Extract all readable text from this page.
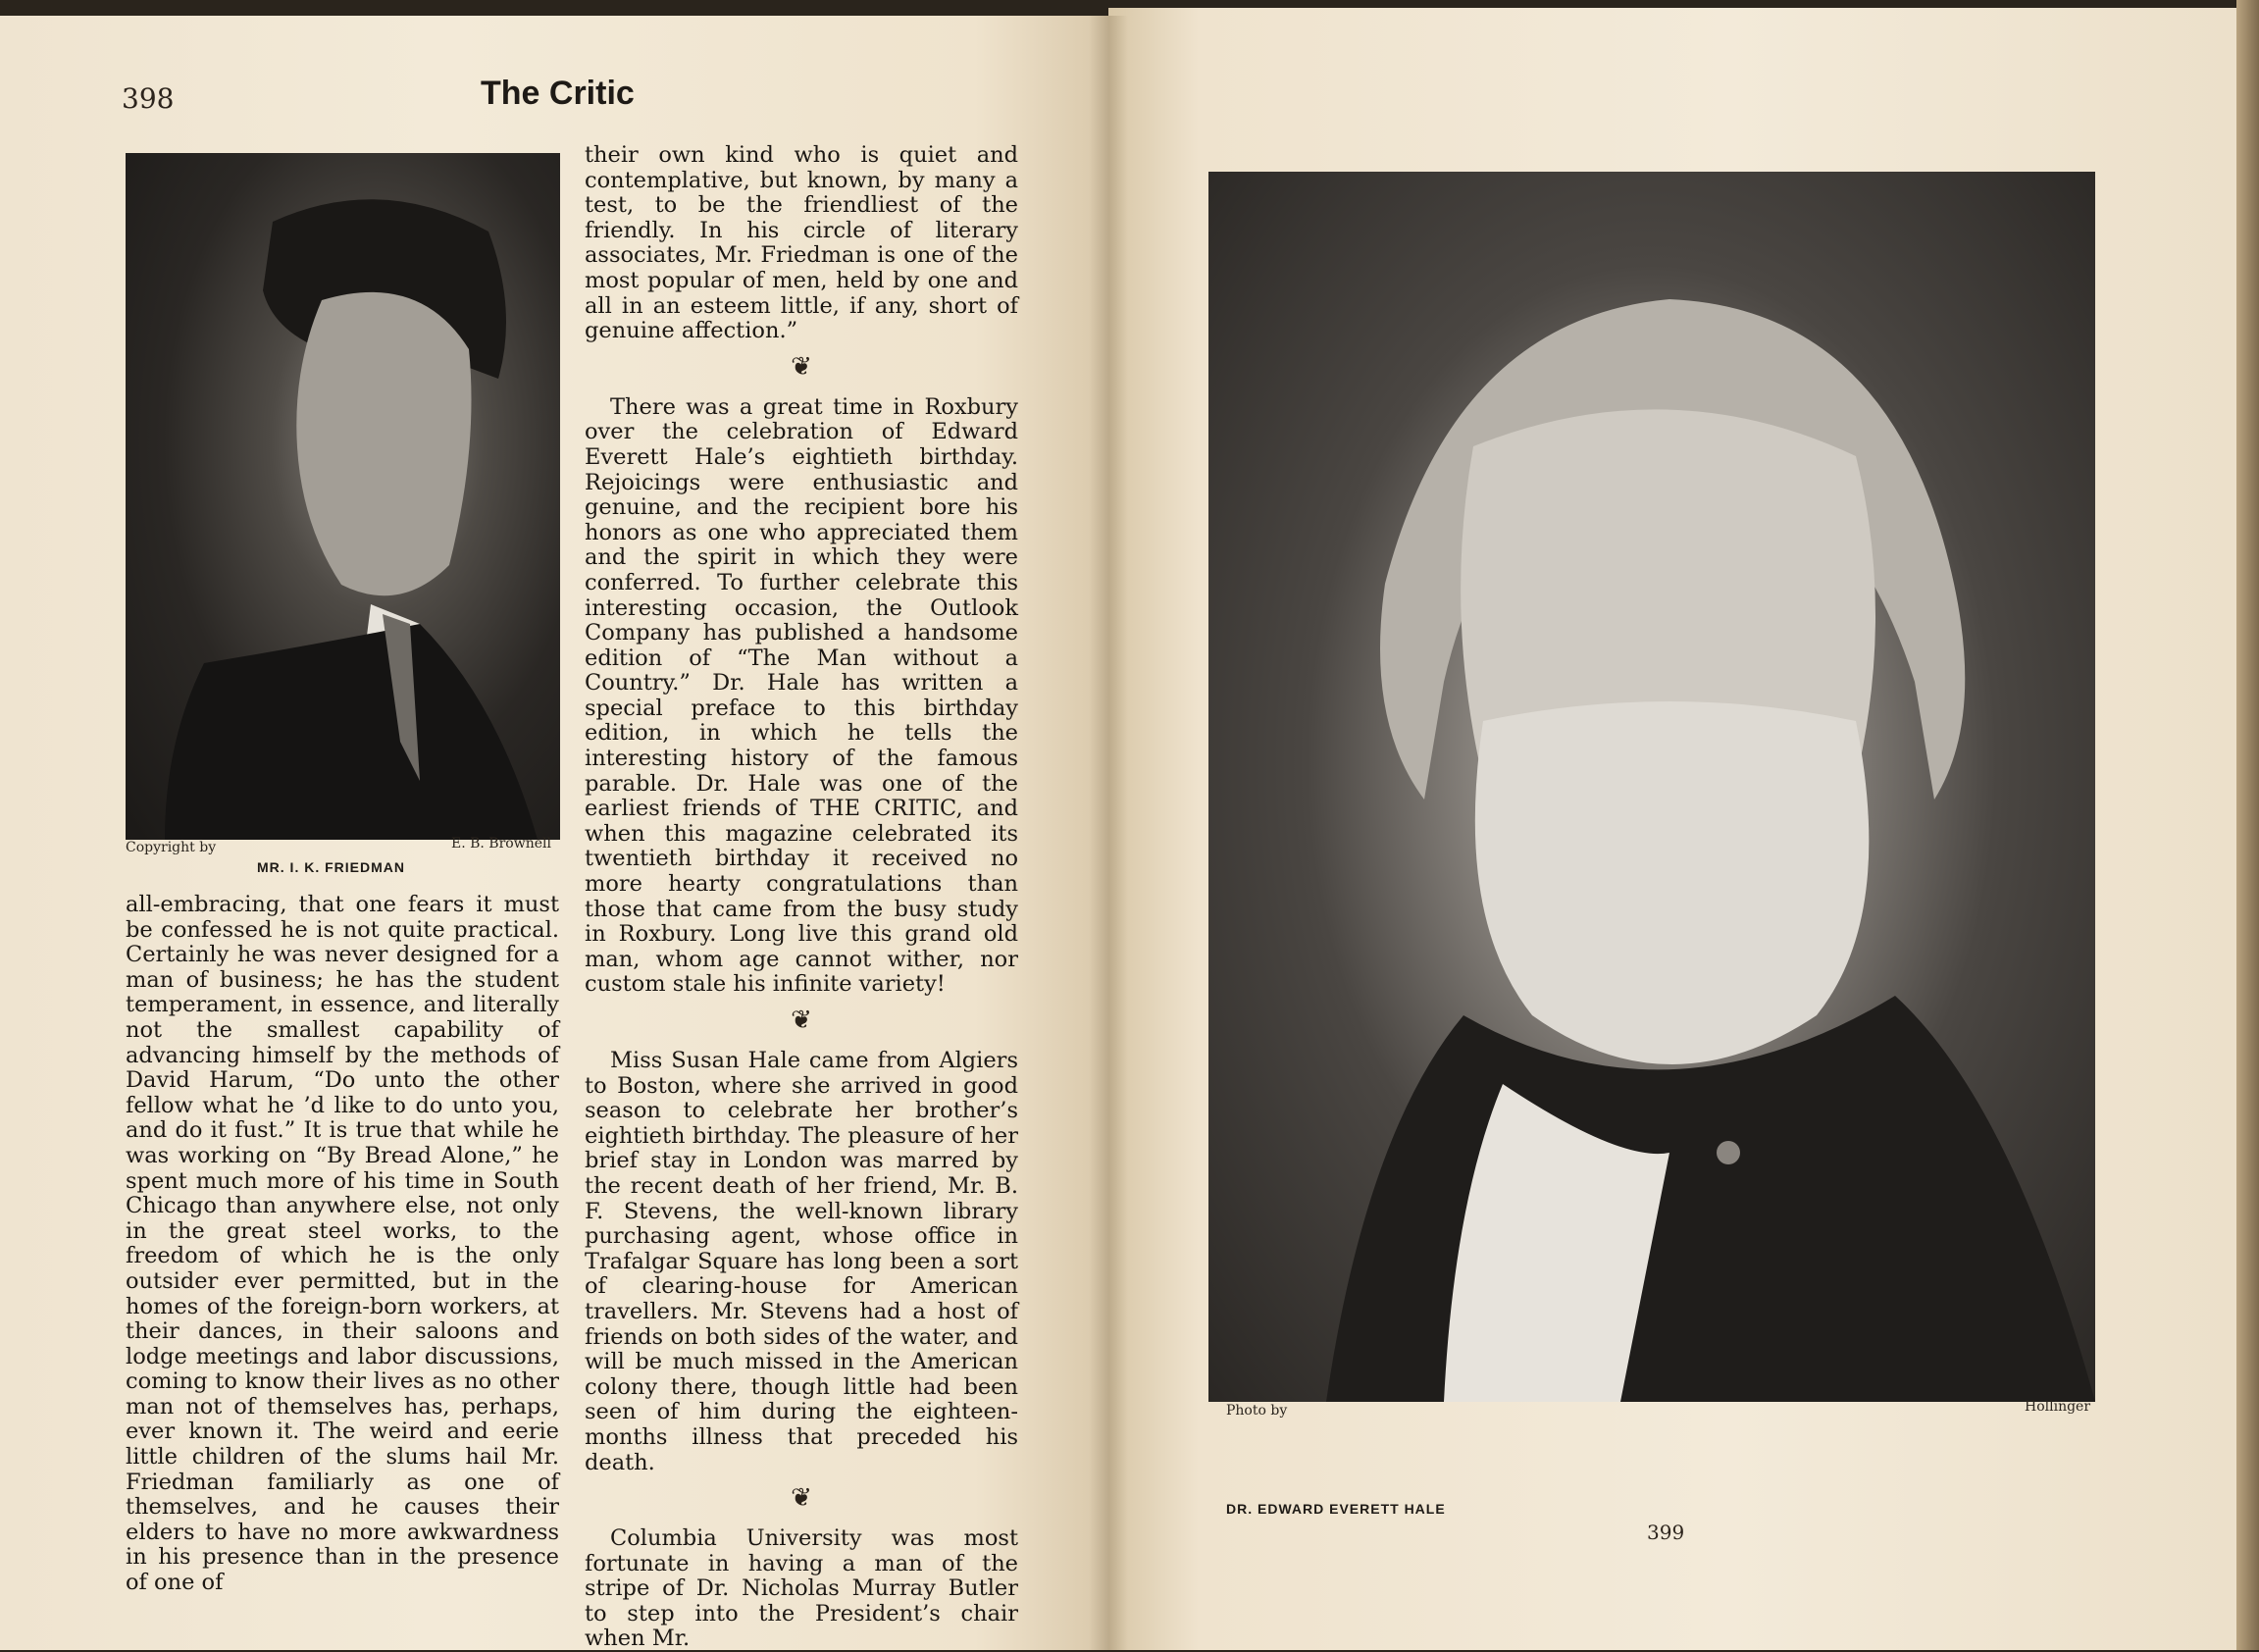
398	The Critic
Copyright by	E. B. Brownell
MR. I. K. FRIEDMAN

all-embracing, that one fears it must be confessed he is not quite practical. Certainly he was never designed for a man of business; he has the student temperament, in essence, and literally not the smallest capability of advancing himself by the methods of David Harum, “Do unto the other fellow what he ’d like to do unto you, and do it fust.” It is true that while he was working on “By Bread Alone,” he spent much more of his time in South Chicago than anywhere else, not only in the great steel works, to the freedom of which he is the only outsider ever permitted, but in the homes of the foreign-born workers, at their dances, in their saloons and lodge meetings and labor discussions, coming to know their lives as no other man not of themselves has, perhaps, ever known it. The weird and eerie little children of the slums hail Mr. Friedman familiarly as one of themselves, and he causes their elders to have no more awkwardness in his presence than in the presence of one of

their own kind who is quiet and contemplative, but known, by many a test, to be the friendliest of the friendly. In his circle of literary associates, Mr. Friedman is one of the most popular of men, held by one and all in an esteem little, if any, short of genuine affection.”

❦

There was a great time in Roxbury over the celebration of Edward Everett Hale’s eightieth birthday. Rejoicings were enthusiastic and genuine, and the recipient bore his honors as one who appreciated them and the spirit in which they were conferred. To further celebrate this interesting occasion, the Outlook Company has published a handsome edition of “The Man without a Country.” Dr. Hale has written a special preface to this birthday edition, in which he tells the interesting history of the famous parable. Dr. Hale was one of the earliest friends of THE CRITIC, and when this magazine celebrated its twentieth birthday it received no more hearty congratulations than those that came from the busy study in Roxbury. Long live this grand old man, whom age cannot wither, nor custom stale his infinite variety!

❦

Miss Susan Hale came from Algiers to Boston, where she arrived in good season to celebrate her brother’s eightieth birthday. The pleasure of her brief stay in London was marred by the recent death of her friend, Mr. B. F. Stevens, the well-known library purchasing agent, whose office in Trafalgar Square has long been a sort of clearing-house for American travellers. Mr. Stevens had a host of friends on both sides of the water, and will be much missed in the American colony there, though little had been seen of him during the eighteen-months illness that preceded his death.

❦

Columbia University was most fortunate in having a man of the stripe of Dr. Nicholas Murray Butler to step into the President’s chair when Mr.

Photo by	Hollinger
DR. EDWARD EVERETT HALE
399
